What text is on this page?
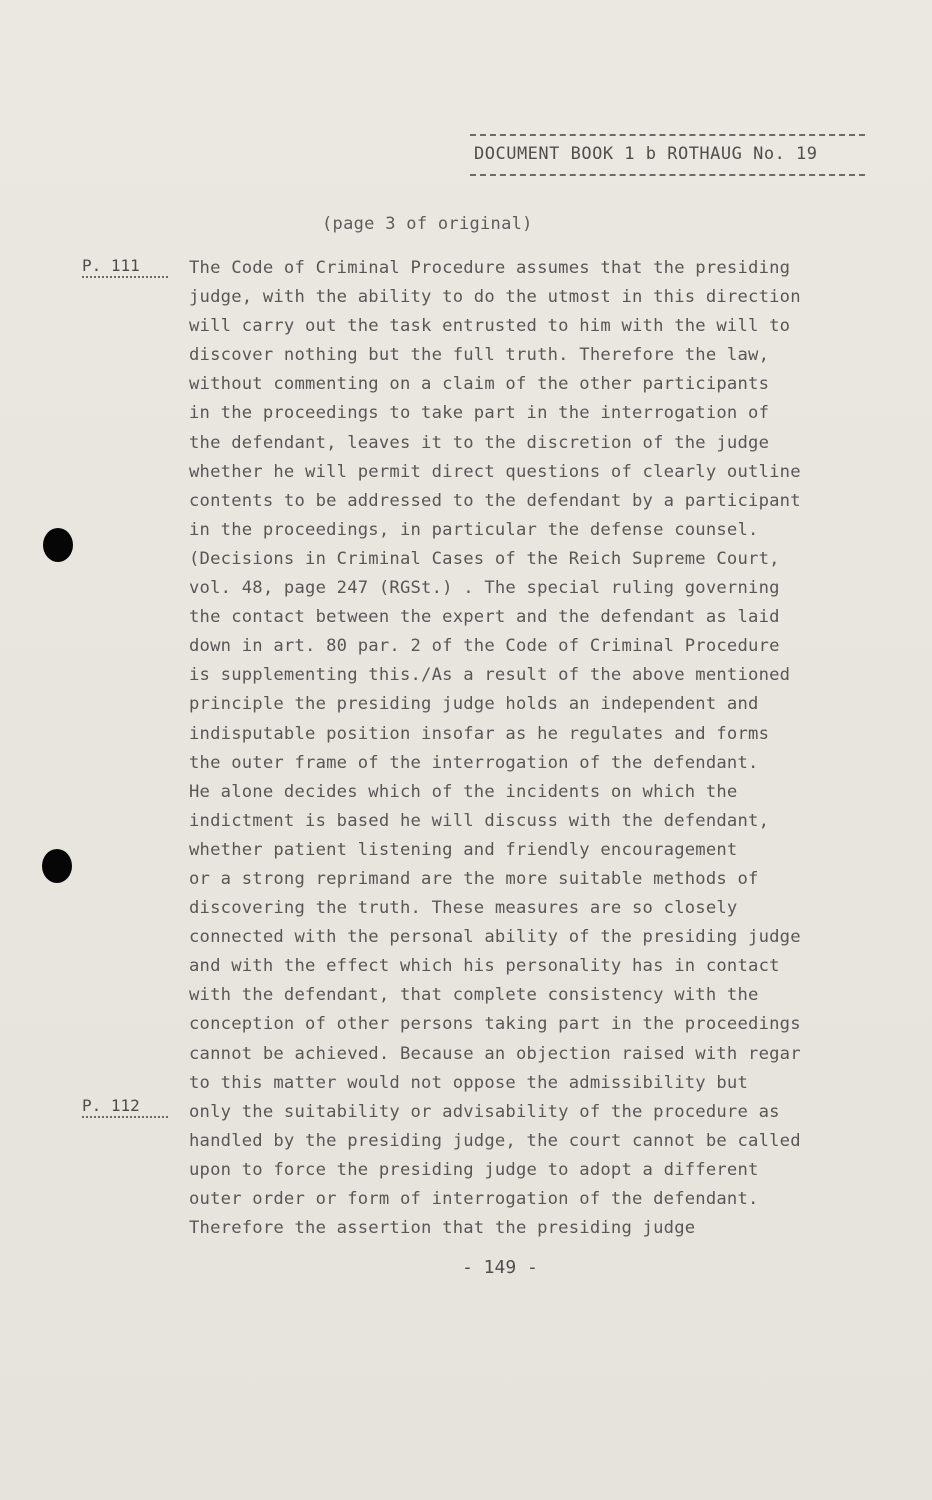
DOCUMENT BOOK 1 b ROTHAUG No. 19
(page 3 of original)
P. 111
P. 112
The Code of Criminal Procedure assumes that the presiding
judge, with the ability to do the utmost in this direction
will carry out the task entrusted to him with the will to
discover nothing but the full truth. Therefore the law,
without commenting on a claim of the other participants
in the proceedings to take part in the interrogation of
the defendant, leaves it to the discretion of the judge
whether he will permit direct questions of clearly outline
contents to be addressed to the defendant by a participant
in the proceedings, in particular the defense counsel.
(Decisions in Criminal Cases of the Reich Supreme Court,
vol. 48, page 247 (RGSt.) . The special ruling governing
the contact between the expert and the defendant as laid
down in art. 80 par. 2 of the Code of Criminal Procedure
is supplementing this./As a result of the above mentioned
principle the presiding judge holds an independent and
indisputable position insofar as he regulates and forms
the outer frame of the interrogation of the defendant.
He alone decides which of the incidents on which the
indictment is based he will discuss with the defendant,
whether patient listening and friendly encouragement
or a strong reprimand are the more suitable methods of
discovering the truth. These measures are so closely
connected with the personal ability of the presiding judge
and with the effect which his personality has in contact
with the defendant, that complete consistency with the
conception of other persons taking part in the proceedings
cannot be achieved. Because an objection raised with regar
to this matter would not oppose the admissibility but
only the suitability or advisability of the procedure as
handled by the presiding judge, the court cannot be called
upon to force the presiding judge to adopt a different
outer order or form of interrogation of the defendant.
Therefore the assertion that the presiding judge
- 149 -
